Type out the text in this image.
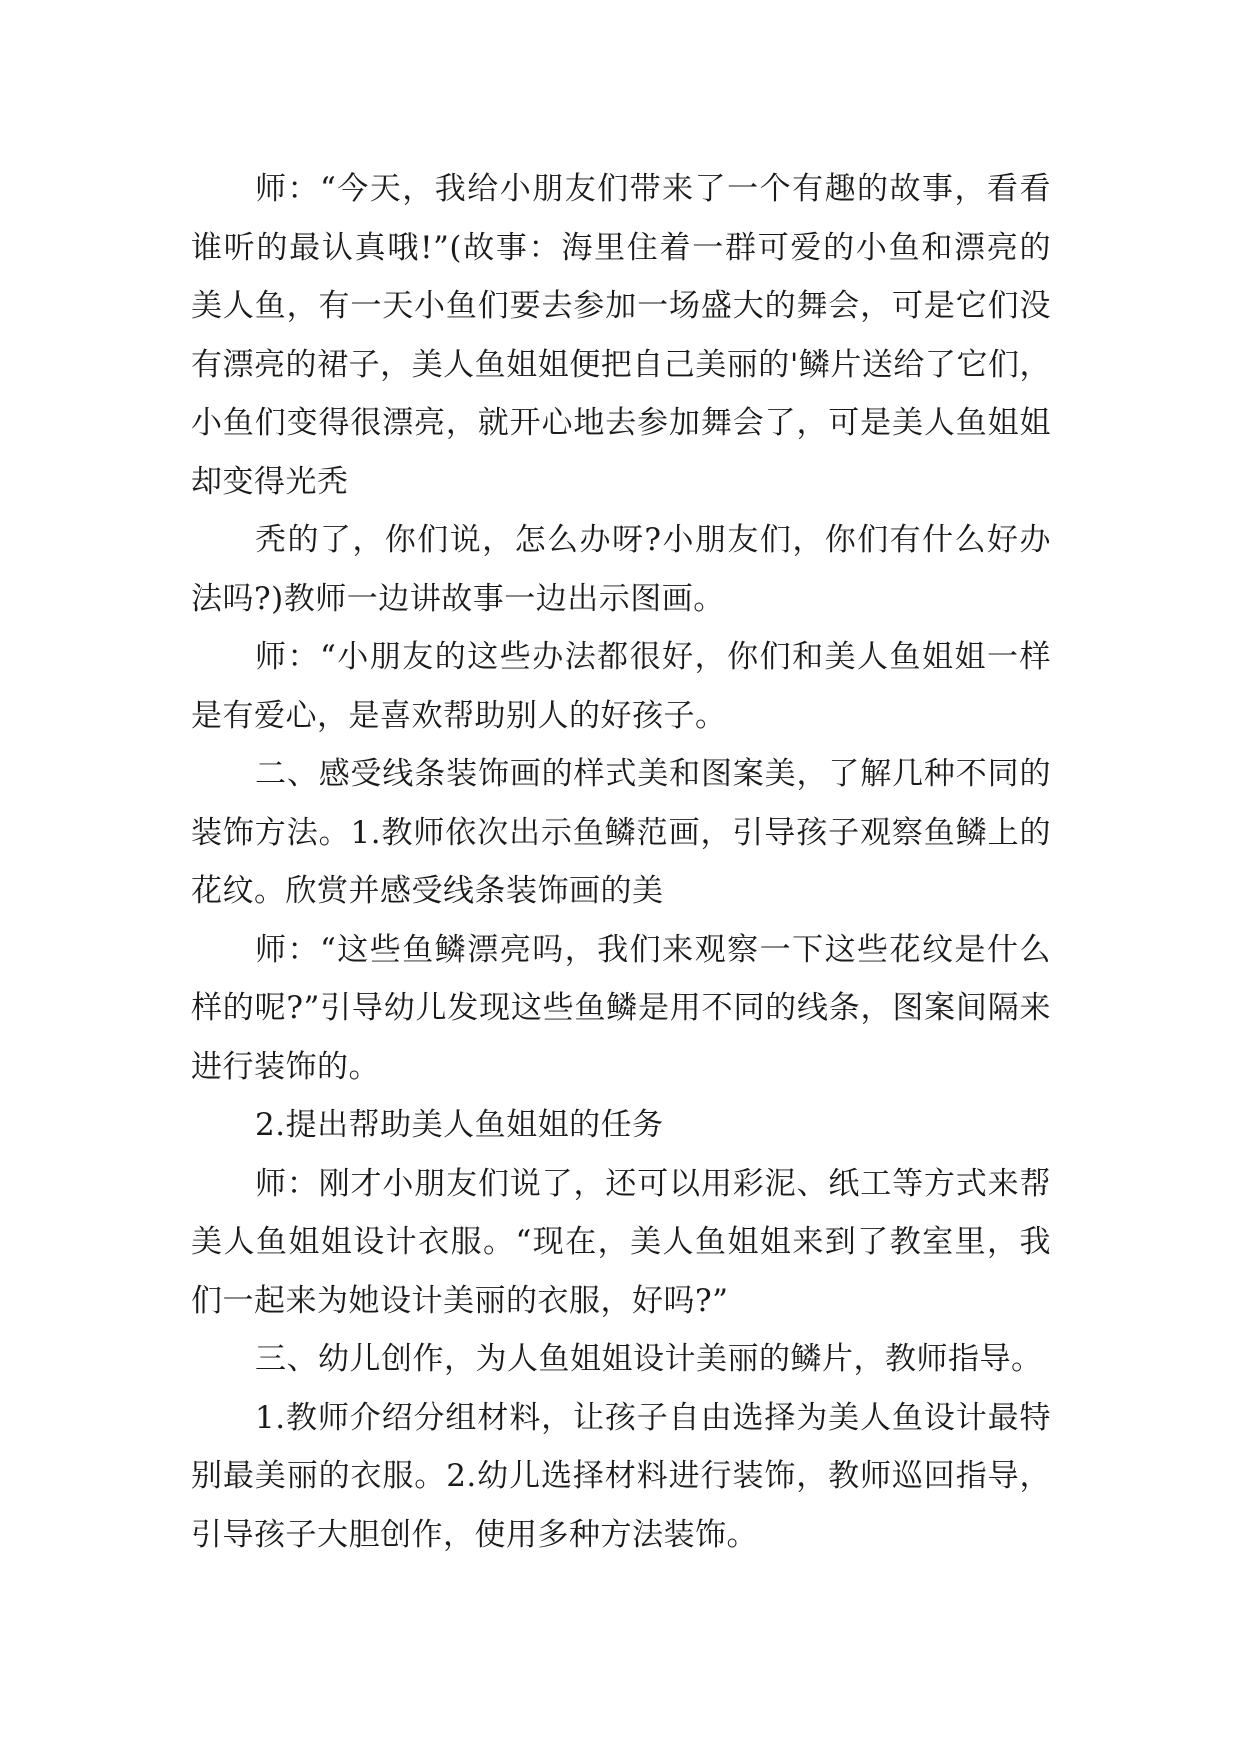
师：“今天，我给小朋友们带来了一个有趣的故事，看看谁听的最认真哦!”(故事：海里住着一群可爱的小鱼和漂亮的美人鱼，有一天小鱼们要去参加一场盛大的舞会，可是它们没有漂亮的裙子，美人鱼姐姐便把自己美丽的'鳞片送给了它们，小鱼们变得很漂亮，就开心地去参加舞会了，可是美人鱼姐姐却变得光秃

秃的了，你们说，怎么办呀?小朋友们，你们有什么好办法吗?)教师一边讲故事一边出示图画。

师：“小朋友的这些办法都很好，你们和美人鱼姐姐一样是有爱心，是喜欢帮助别人的好孩子。

二、感受线条装饰画的样式美和图案美，了解几种不同的装饰方法。1.教师依次出示鱼鳞范画，引导孩子观察鱼鳞上的花纹。欣赏并感受线条装饰画的美

师：“这些鱼鳞漂亮吗，我们来观察一下这些花纹是什么样的呢?”引导幼儿发现这些鱼鳞是用不同的线条，图案间隔来进行装饰的。

2.提出帮助美人鱼姐姐的任务

师：刚才小朋友们说了，还可以用彩泥、纸工等方式来帮美人鱼姐姐设计衣服。“现在，美人鱼姐姐来到了教室里，我们一起来为她设计美丽的衣服，好吗?”

三、幼儿创作，为人鱼姐姐设计美丽的鳞片，教师指导。

1.教师介绍分组材料，让孩子自由选择为美人鱼设计最特别最美丽的衣服。2.幼儿选择材料进行装饰，教师巡回指导，引导孩子大胆创作，使用多种方法装饰。
